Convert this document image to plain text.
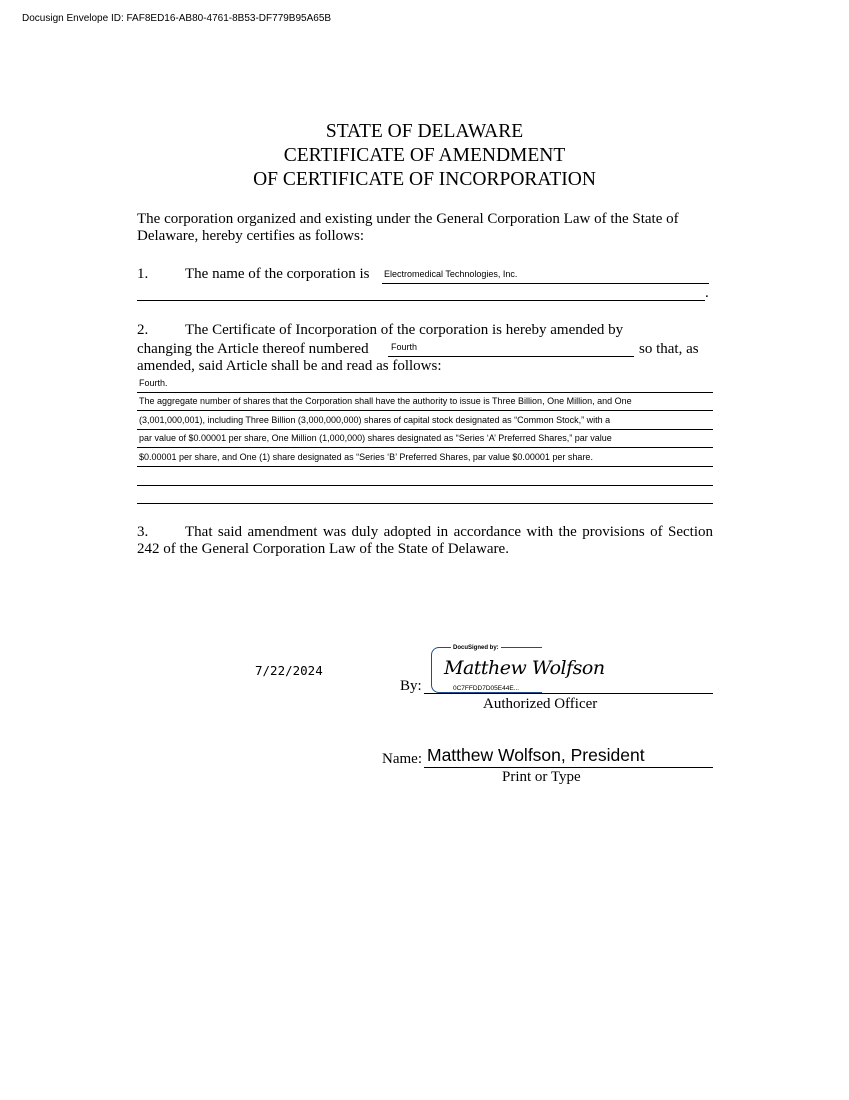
Docusign Envelope ID: FAF8ED16-AB80-4761-8B53-DF779B95A65B
STATE OF DELAWARE
CERTIFICATE OF AMENDMENT
OF CERTIFICATE OF INCORPORATION
The corporation organized and existing under the General Corporation Law of the State of Delaware, hereby certifies as follows:
1. The name of the corporation is Electromedical Technologies, Inc.
.
2. The Certificate of Incorporation of the corporation is hereby amended by
changing the Article thereof numbered Fourth	so that, as
amended, said Article shall be and read as follows:
Fourth.
The aggregate number of shares that the Corporation shall have the authority to issue is Three Billion, One Million, and One
(3,001,000,001), including Three Billion (3,000,000,000) shares of capital stock designated as “Common Stock,” with a
par value of $0.00001 per share, One Million (1,000,000) shares designated as “Series ‘A’ Preferred Shares,” par value
$0.00001 per share, and One (1) share designated as “Series ‘B’ Preferred Shares, par value $0.00001 per share.
3. That said amendment was duly adopted in accordance with the provisions of Section 242 of the General Corporation Law of the State of Delaware.
7/22/2024
By:
DocuSigned by:
Matthew Wolfson
0C7FFDD7D05E44E...
Authorized Officer
Name: Matthew Wolfson, President
Print or Type
